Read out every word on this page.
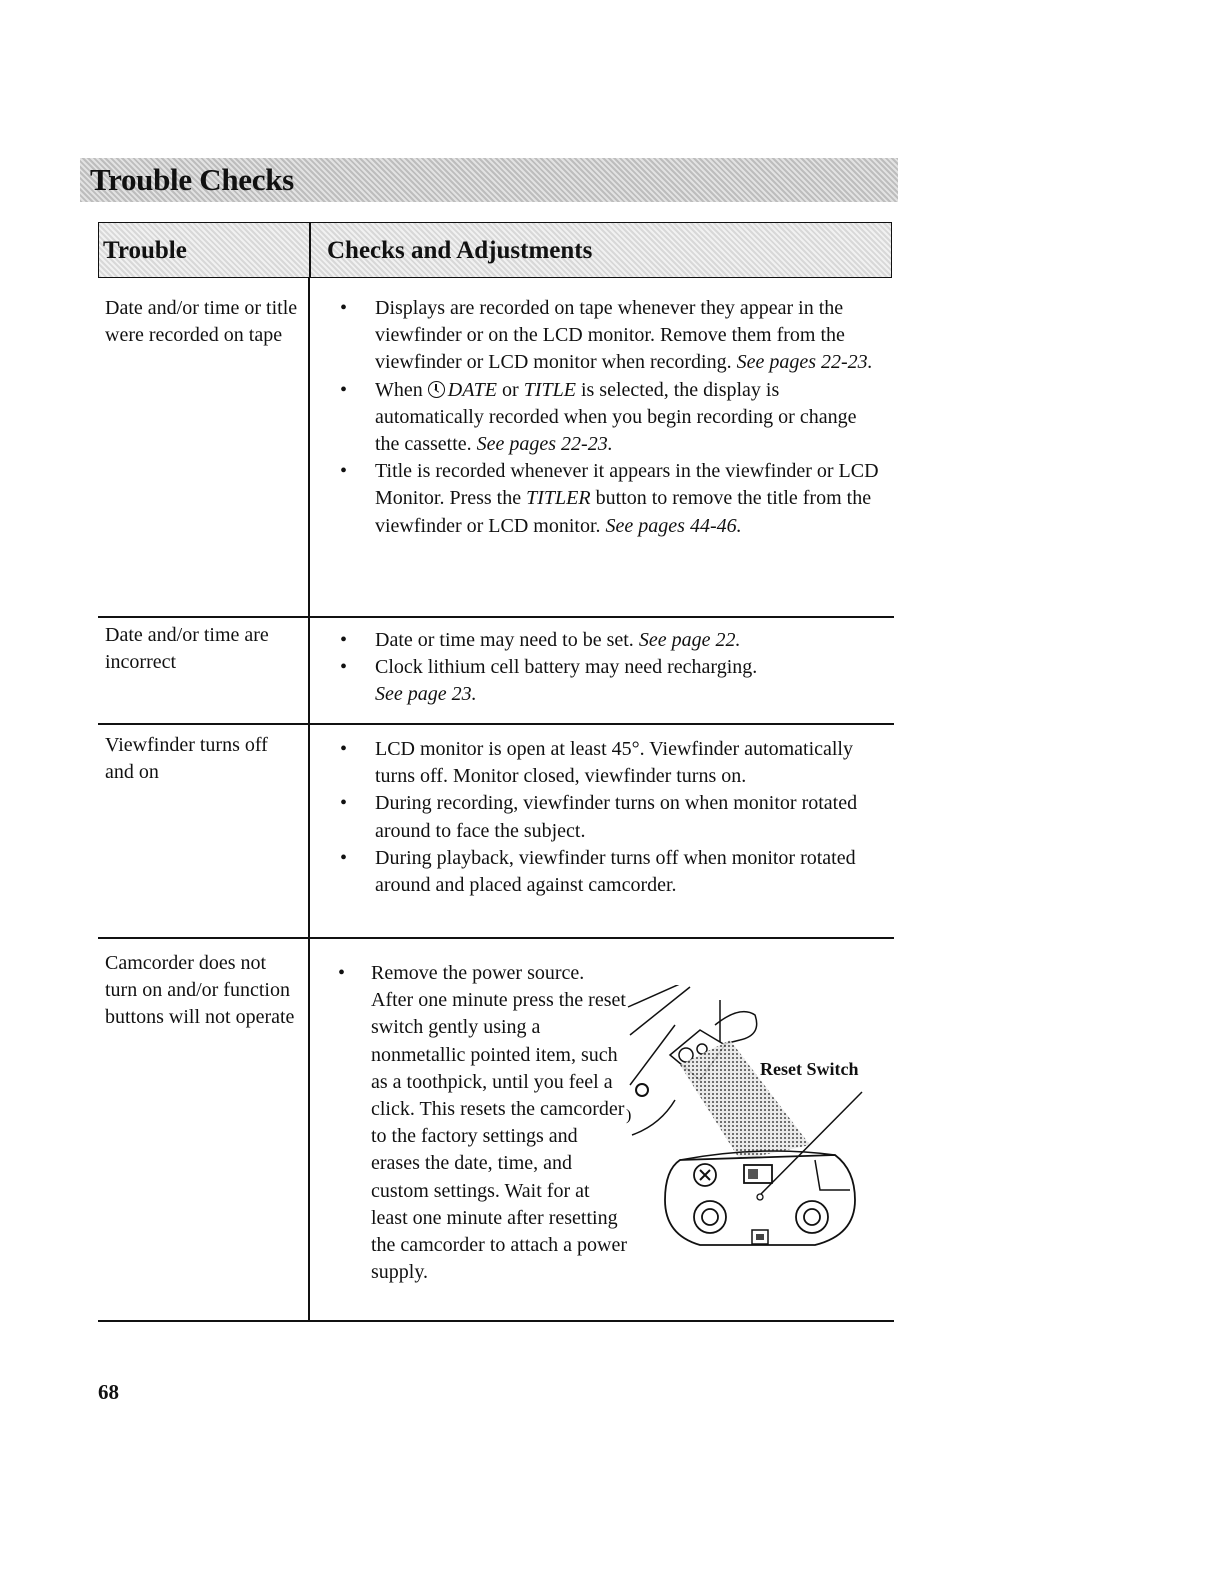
Trouble Checks
Trouble	Checks and Adjustments
Date and/or time or title were recorded on tape
• Displays are recorded on tape whenever they appear in the viewfinder or on the LCD monitor. Remove them from the viewfinder or LCD monitor when recording. See pages 22-23.
• When DATE or TITLE is selected, the display is automatically recorded when you begin recording or change the cassette. See pages 22-23.
• Title is recorded whenever it appears in the viewfinder or LCD Monitor. Press the TITLER button to remove the title from the viewfinder or LCD monitor. See pages 44-46.
Date and/or time are incorrect
• Date or time may need to be set. See page 22.
• Clock lithium cell battery may need recharging.
See page 23.
Viewfinder turns off and on
• LCD monitor is open at least 45°. Viewfinder automatically turns off. Monitor closed, viewfinder turns on.
• During recording, viewfinder turns on when monitor rotated around to face the subject.
• During playback, viewfinder turns off when monitor rotated around and placed against camcorder.
Camcorder does not turn on and/or function buttons will not operate
• Remove the power source. After one minute press the reset switch gently using a nonmetallic pointed item, such as a toothpick, until you feel a click. This resets the camcorder to the factory settings and erases the date, time, and custom settings. Wait for at least one minute after resetting the camcorder to attach a power supply.
)
Reset Switch
68
